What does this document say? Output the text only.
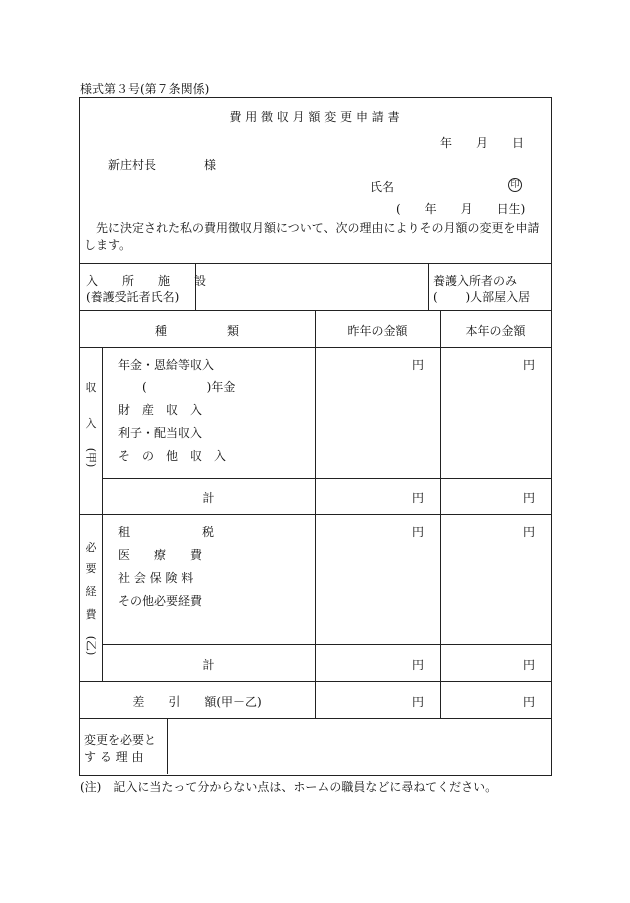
様式第３号(第７条関係)
費 用 徴 収 月 額 変 更 申 請 書
年　　月　　日
新庄村長　　　　様
氏名	印
(　　年　　月　　日生)
先に決定された私の費用徴収月額について、次の理由によりその月額の変更を申請します。
入　　所　　施　　設
(養護受託者氏名)
養護入所者のみ
(　　 )人部屋入居
種　　　　　類	昨年の金額	本年の金額
収
入
(甲)
年金・恩給等収入
(　　　　　)年金
財　産　収　入
利子・配当収入
そ　の　他　収　入
円	円
計	円	円
必
要
経
費
(乙)
租　　　　　　税
医　　療　　費
社 会 保 険 料
その他必要経費
円	円
計	円	円
差　　引　　額(甲－乙)	円	円
変更を必要と
す る 理 由
(注)　記入に当たって分からない点は、ホームの職員などに尋ねてください。
